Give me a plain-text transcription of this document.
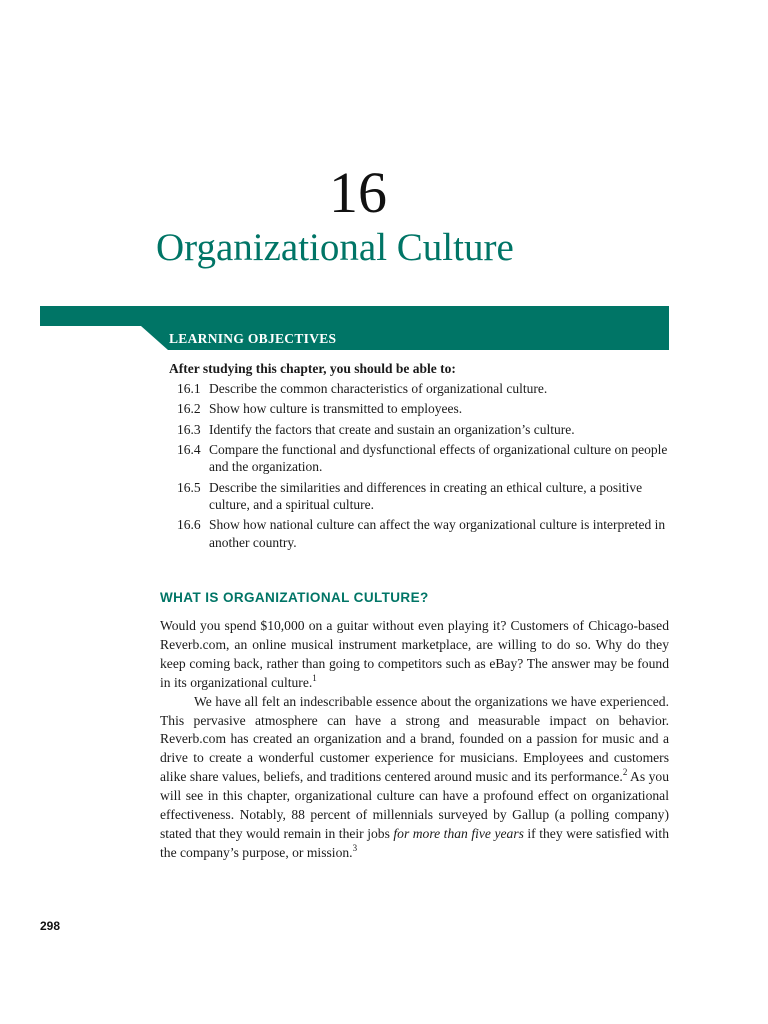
16
Organizational Culture
LEARNING OBJECTIVES
After studying this chapter, you should be able to:
16.1 Describe the common characteristics of organizational culture.
16.2 Show how culture is transmitted to employees.
16.3 Identify the factors that create and sustain an organization’s culture.
16.4 Compare the functional and dysfunctional effects of organizational culture on people and the organization.
16.5 Describe the similarities and differences in creating an ethical culture, a positive culture, and a spiritual culture.
16.6 Show how national culture can affect the way organizational culture is interpreted in another country.
WHAT IS ORGANIZATIONAL CULTURE?

Would you spend $10,000 on a guitar without even playing it? Customers of Chicago-based Reverb.com, an online musical instrument marketplace, are willing to do so. Why do they keep coming back, rather than going to competitors such as eBay? The answer may be found in its organizational culture.$^1$

We have all felt an indescribable essence about the organizations we have experienced. This pervasive atmosphere can have a strong and measurable impact on behavior. Reverb.com has created an organization and a brand, founded on a passion for music and a drive to create a wonderful customer experience for musicians. Employees and customers alike share values, beliefs, and traditions centered around music and its performance.$^2$ As you will see in this chapter, organizational culture can have a profound effect on organizational effectiveness. Notably, 88 percent of millennials surveyed by Gallup (a polling company) stated that they would remain in their jobs for more than five years if they were satisfied with the company’s purpose, or mission.$^3$

298
